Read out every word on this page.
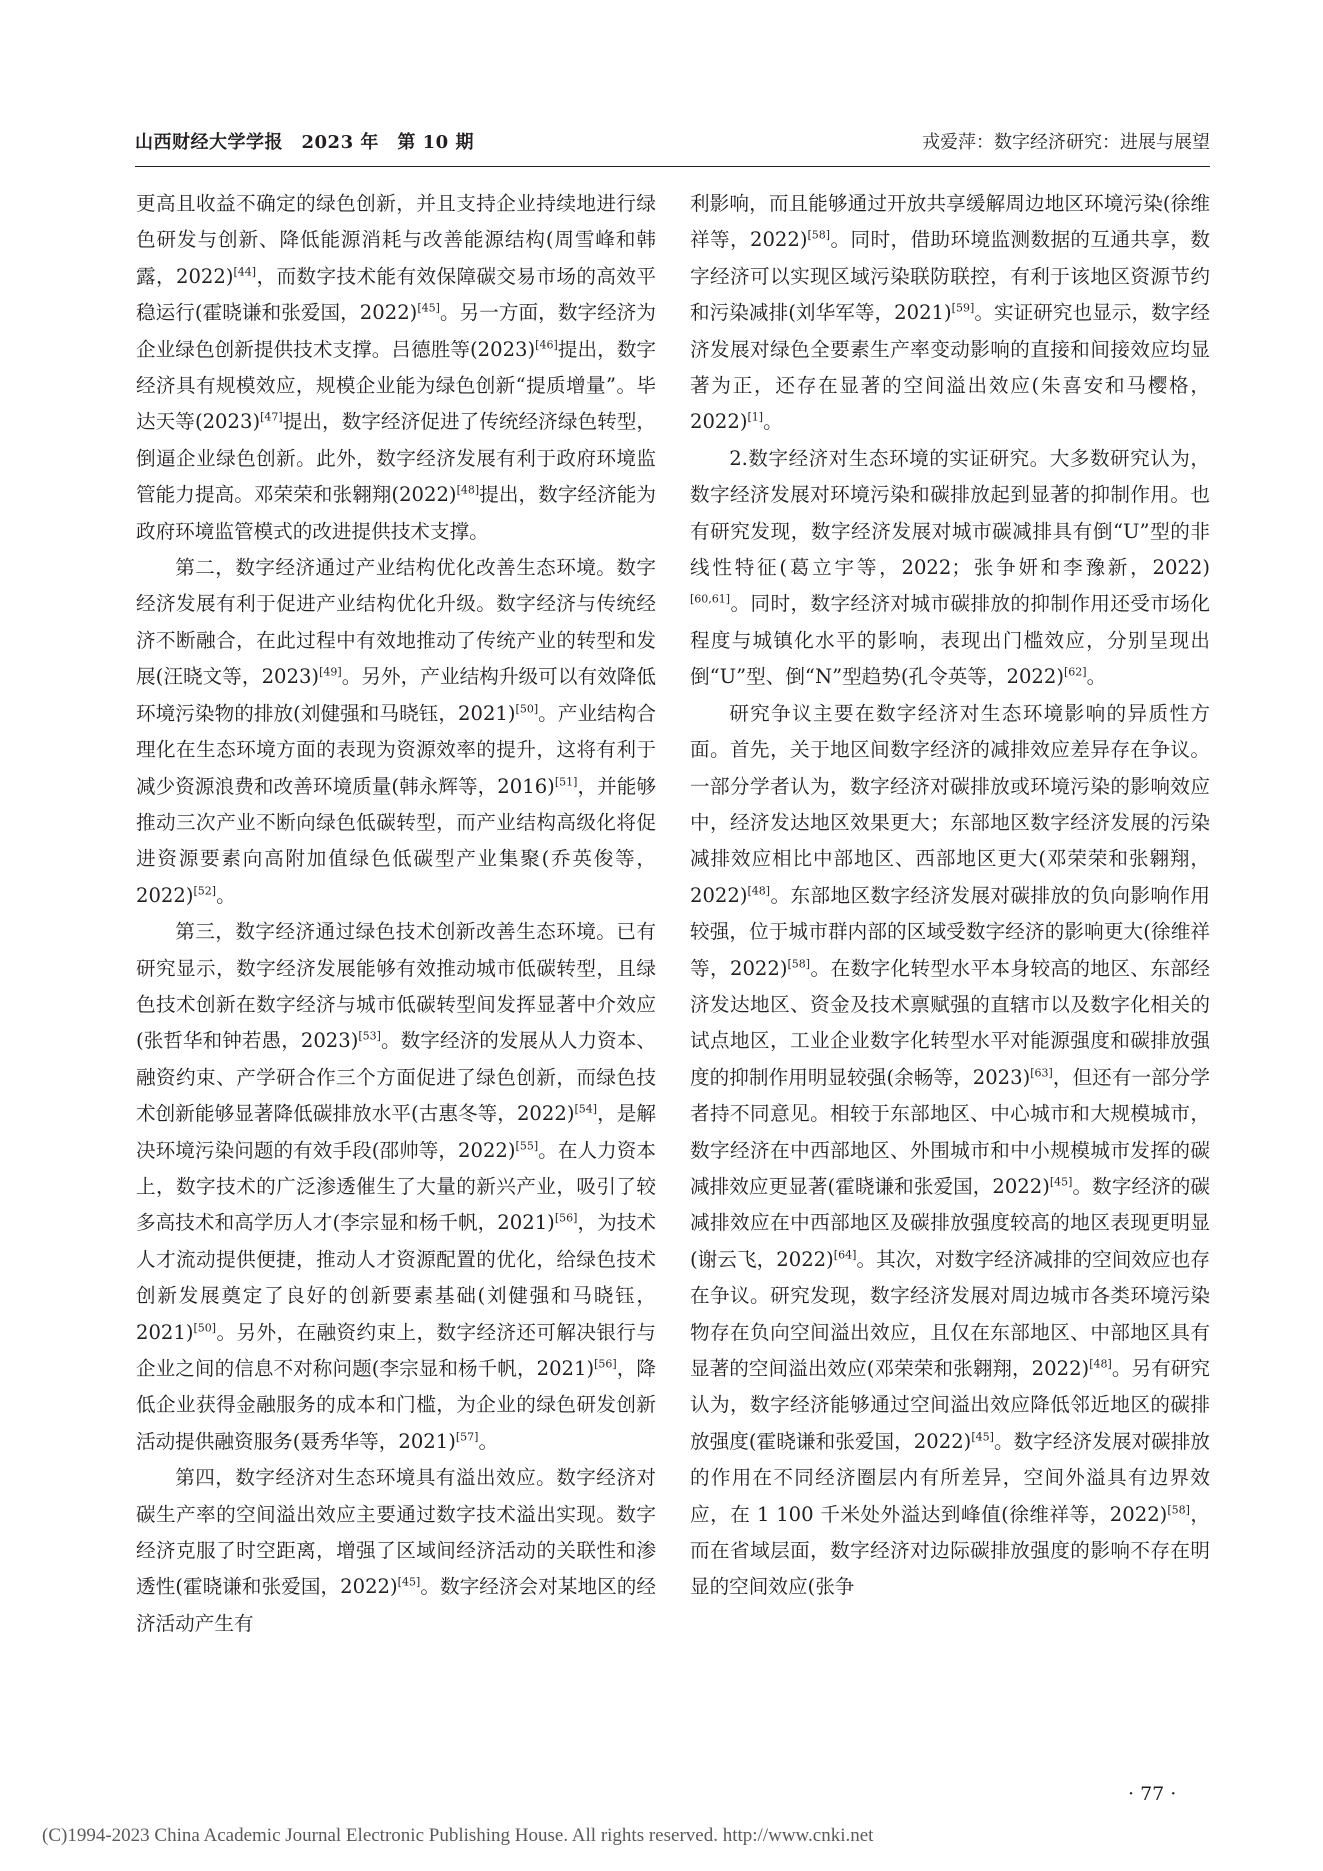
山西财经大学学报　2023 年　第 10 期	戎爱萍：数字经济研究：进展与展望

更高且收益不确定的绿色创新，并且支持企业持续地进行绿色研发与创新、降低能源消耗与改善能源结构(周雪峰和韩露，2022)[44]，而数字技术能有效保障碳交易市场的高效平稳运行(霍晓谦和张爱国，2022)[45]。另一方面，数字经济为企业绿色创新提供技术支撑。吕德胜等(2023)[46]提出，数字经济具有规模效应，规模企业能为绿色创新“提质增量”。毕达天等(2023)[47]提出，数字经济促进了传统经济绿色转型，倒逼企业绿色创新。此外，数字经济发展有利于政府环境监管能力提高。邓荣荣和张翱翔(2022)[48]提出，数字经济能为政府环境监管模式的改进提供技术支撑。

第二，数字经济通过产业结构优化改善生态环境。数字经济发展有利于促进产业结构优化升级。数字经济与传统经济不断融合，在此过程中有效地推动了传统产业的转型和发展(汪晓文等，2023)[49]。另外，产业结构升级可以有效降低环境污染物的排放(刘健强和马晓钰，2021)[50]。产业结构合理化在生态环境方面的表现为资源效率的提升，这将有利于减少资源浪费和改善环境质量(韩永辉等，2016)[51]，并能够推动三次产业不断向绿色低碳转型，而产业结构高级化将促进资源要素向高附加值绿色低碳型产业集聚(乔英俊等，2022)[52]。

第三，数字经济通过绿色技术创新改善生态环境。已有研究显示，数字经济发展能够有效推动城市低碳转型，且绿色技术创新在数字经济与城市低碳转型间发挥显著中介效应(张哲华和钟若愚，2023)[53]。数字经济的发展从人力资本、融资约束、产学研合作三个方面促进了绿色创新，而绿色技术创新能够显著降低碳排放水平(古惠冬等，2022)[54]，是解决环境污染问题的有效手段(邵帅等，2022)[55]。在人力资本上，数字技术的广泛渗透催生了大量的新兴产业，吸引了较多高技术和高学历人才(李宗显和杨千帆，2021)[56]，为技术人才流动提供便捷，推动人才资源配置的优化，给绿色技术创新发展奠定了良好的创新要素基础(刘健强和马晓钰，2021)[50]。另外，在融资约束上，数字经济还可解决银行与企业之间的信息不对称问题(李宗显和杨千帆，2021)[56]，降低企业获得金融服务的成本和门槛，为企业的绿色研发创新活动提供融资服务(聂秀华等，2021)[57]。

第四，数字经济对生态环境具有溢出效应。数字经济对碳生产率的空间溢出效应主要通过数字技术溢出实现。数字经济克服了时空距离，增强了区域间经济活动的关联性和渗透性(霍晓谦和张爱国，2022)[45]。数字经济会对某地区的经济活动产生有

利影响，而且能够通过开放共享缓解周边地区环境污染(徐维祥等，2022)[58]。同时，借助环境监测数据的互通共享，数字经济可以实现区域污染联防联控，有利于该地区资源节约和污染减排(刘华军等，2021)[59]。实证研究也显示，数字经济发展对绿色全要素生产率变动影响的直接和间接效应均显著为正，还存在显著的空间溢出效应(朱喜安和马樱格，2022)[1]。

2.数字经济对生态环境的实证研究。大多数研究认为，数字经济发展对环境污染和碳排放起到显著的抑制作用。也有研究发现，数字经济发展对城市碳减排具有倒“U”型的非线性特征(葛立宇等，2022；张争妍和李豫新，2022)[60,61]。同时，数字经济对城市碳排放的抑制作用还受市场化程度与城镇化水平的影响，表现出门槛效应，分别呈现出倒“U”型、倒“N”型趋势(孔令英等，2022)[62]。

研究争议主要在数字经济对生态环境影响的异质性方面。首先，关于地区间数字经济的减排效应差异存在争议。一部分学者认为，数字经济对碳排放或环境污染的影响效应中，经济发达地区效果更大；东部地区数字经济发展的污染减排效应相比中部地区、西部地区更大(邓荣荣和张翱翔，2022)[48]。东部地区数字经济发展对碳排放的负向影响作用较强，位于城市群内部的区域受数字经济的影响更大(徐维祥等，2022)[58]。在数字化转型水平本身较高的地区、东部经济发达地区、资金及技术禀赋强的直辖市以及数字化相关的试点地区，工业企业数字化转型水平对能源强度和碳排放强度的抑制作用明显较强(余畅等，2023)[63]，但还有一部分学者持不同意见。相较于东部地区、中心城市和大规模城市，数字经济在中西部地区、外围城市和中小规模城市发挥的碳减排效应更显著(霍晓谦和张爱国，2022)[45]。数字经济的碳减排效应在中西部地区及碳排放强度较高的地区表现更明显(谢云飞，2022)[64]。其次，对数字经济减排的空间效应也存在争议。研究发现，数字经济发展对周边城市各类环境污染物存在负向空间溢出效应，且仅在东部地区、中部地区具有显著的空间溢出效应(邓荣荣和张翱翔，2022)[48]。另有研究认为，数字经济能够通过空间溢出效应降低邻近地区的碳排放强度(霍晓谦和张爱国，2022)[45]。数字经济发展对碳排放的作用在不同经济圈层内有所差异，空间外溢具有边界效应，在 1 100 千米处外溢达到峰值(徐维祥等，2022)[58]，而在省域层面，数字经济对边际碳排放强度的影响不存在明显的空间效应(张争

· 77 ·
(C)1994-2023 China Academic Journal Electronic Publishing House. All rights reserved. http://www.cnki.net
